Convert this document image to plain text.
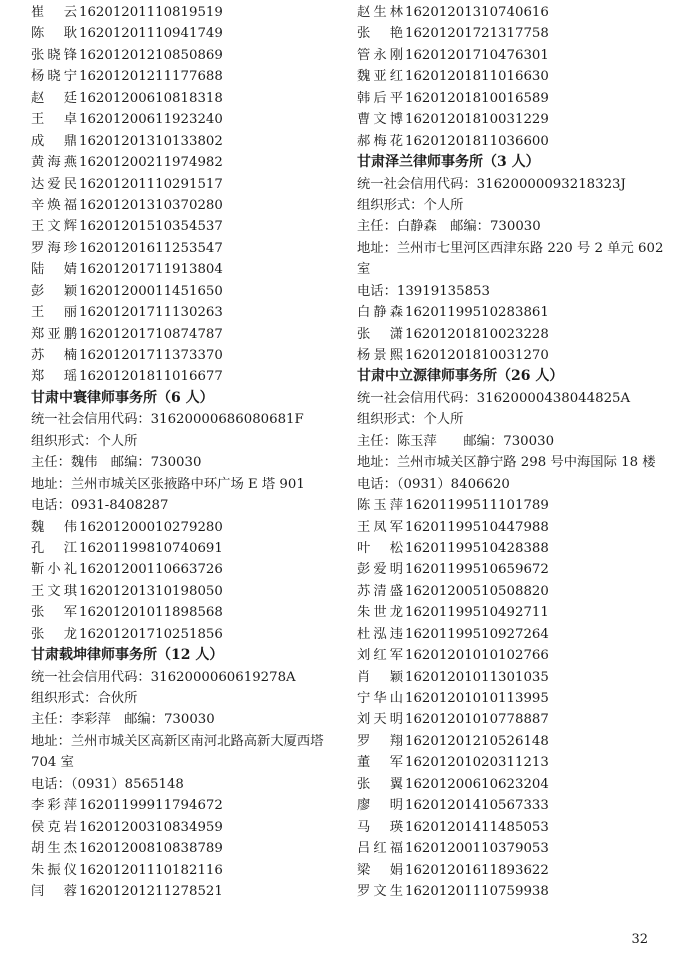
崔　云 16201201110819519
陈　耿 16201201110941749
张晓锋 16201201210850869
杨晓宁 16201201211177688
赵　廷 16201200610818318
王　卓 16201200611923240
成　鼎 16201201310133802
黄海燕 16201200211974982
达爱民 16201201110291517
辛焕福 16201201310370280
王文辉 16201201510354537
罗海珍 16201201611253547
陆　婧 16201201711913804
彭　颖 16201200011451650
王　丽 16201201711130263
郑亚鹏 16201201710874787
苏　楠 16201201711373370
郑　瑶 16201201811016677
甘肃中寰律师事务所（6 人）
统一社会信用代码：31620000686080681F
组织形式：个人所
主任：魏伟　邮编：730030
地址：兰州市城关区张掖路中环广场 E 塔 901
电话：0931-8408287
魏　伟 16201200010279280
孔　江 16201199810740691
靳小礼 16201200110663726
王文琪 16201201310198050
张　军 16201201011898568
张　龙 16201201710251856
甘肃载坤律师事务所（12 人）
统一社会信用代码：3162000060619278A
组织形式：合伙所
主任：李彩萍　邮编：730030
地址：兰州市城关区高新区南河北路高新大厦西塔 704 室
电话：（0931）8565148
李彩萍 16201199911794672
侯克岩 16201200310834959
胡生杰 16201200810838789
朱振仪 16201201110182116
闫　蓉 16201201211278521
赵生林 16201201310740616
张　艳 16201201721317758
管永刚 16201201710476301
魏亚红 16201201811016630
韩后平 16201201810016589
曹文博 16201201810031229
郝梅花 16201201811036600
甘肃泽兰律师事务所（3 人）
统一社会信用代码：31620000093218323J
组织形式：个人所
主任：白静森　邮编：730030
地址：兰州市七里河区西津东路 220 号 2 单元 602 室
电话：13919135853
白静森 16201199510283861
张　潇 16201201810023228
杨景熙 16201201810031270
甘肃中立源律师事务所（26 人）
统一社会信用代码：31620000438044825A
组织形式：个人所
主任：陈玉萍　　邮编：730030
地址：兰州市城关区静宁路 298 号中海国际 18 楼
电话：（0931）8406620
陈玉萍 16201199511101789
王凤军 16201199510447988
叶　松 16201199510428388
彭爱明 16201199510659672
苏清盛 16201200510508820
朱世龙 16201199510492711
杜泓违 16201199510927264
刘红军 16201201010102766
肖　颖 16201201011301035
宁华山 16201201010113995
刘天明 16201201010778887
罗　翔 16201201210526148
董　军 16201201020311213
张　翼 16201200610623204
廖　明 16201201410567333
马　瑛 16201201411485053
吕红福 16201200110379053
梁　娟 16201201611893622
罗文生 16201201110759938
32
